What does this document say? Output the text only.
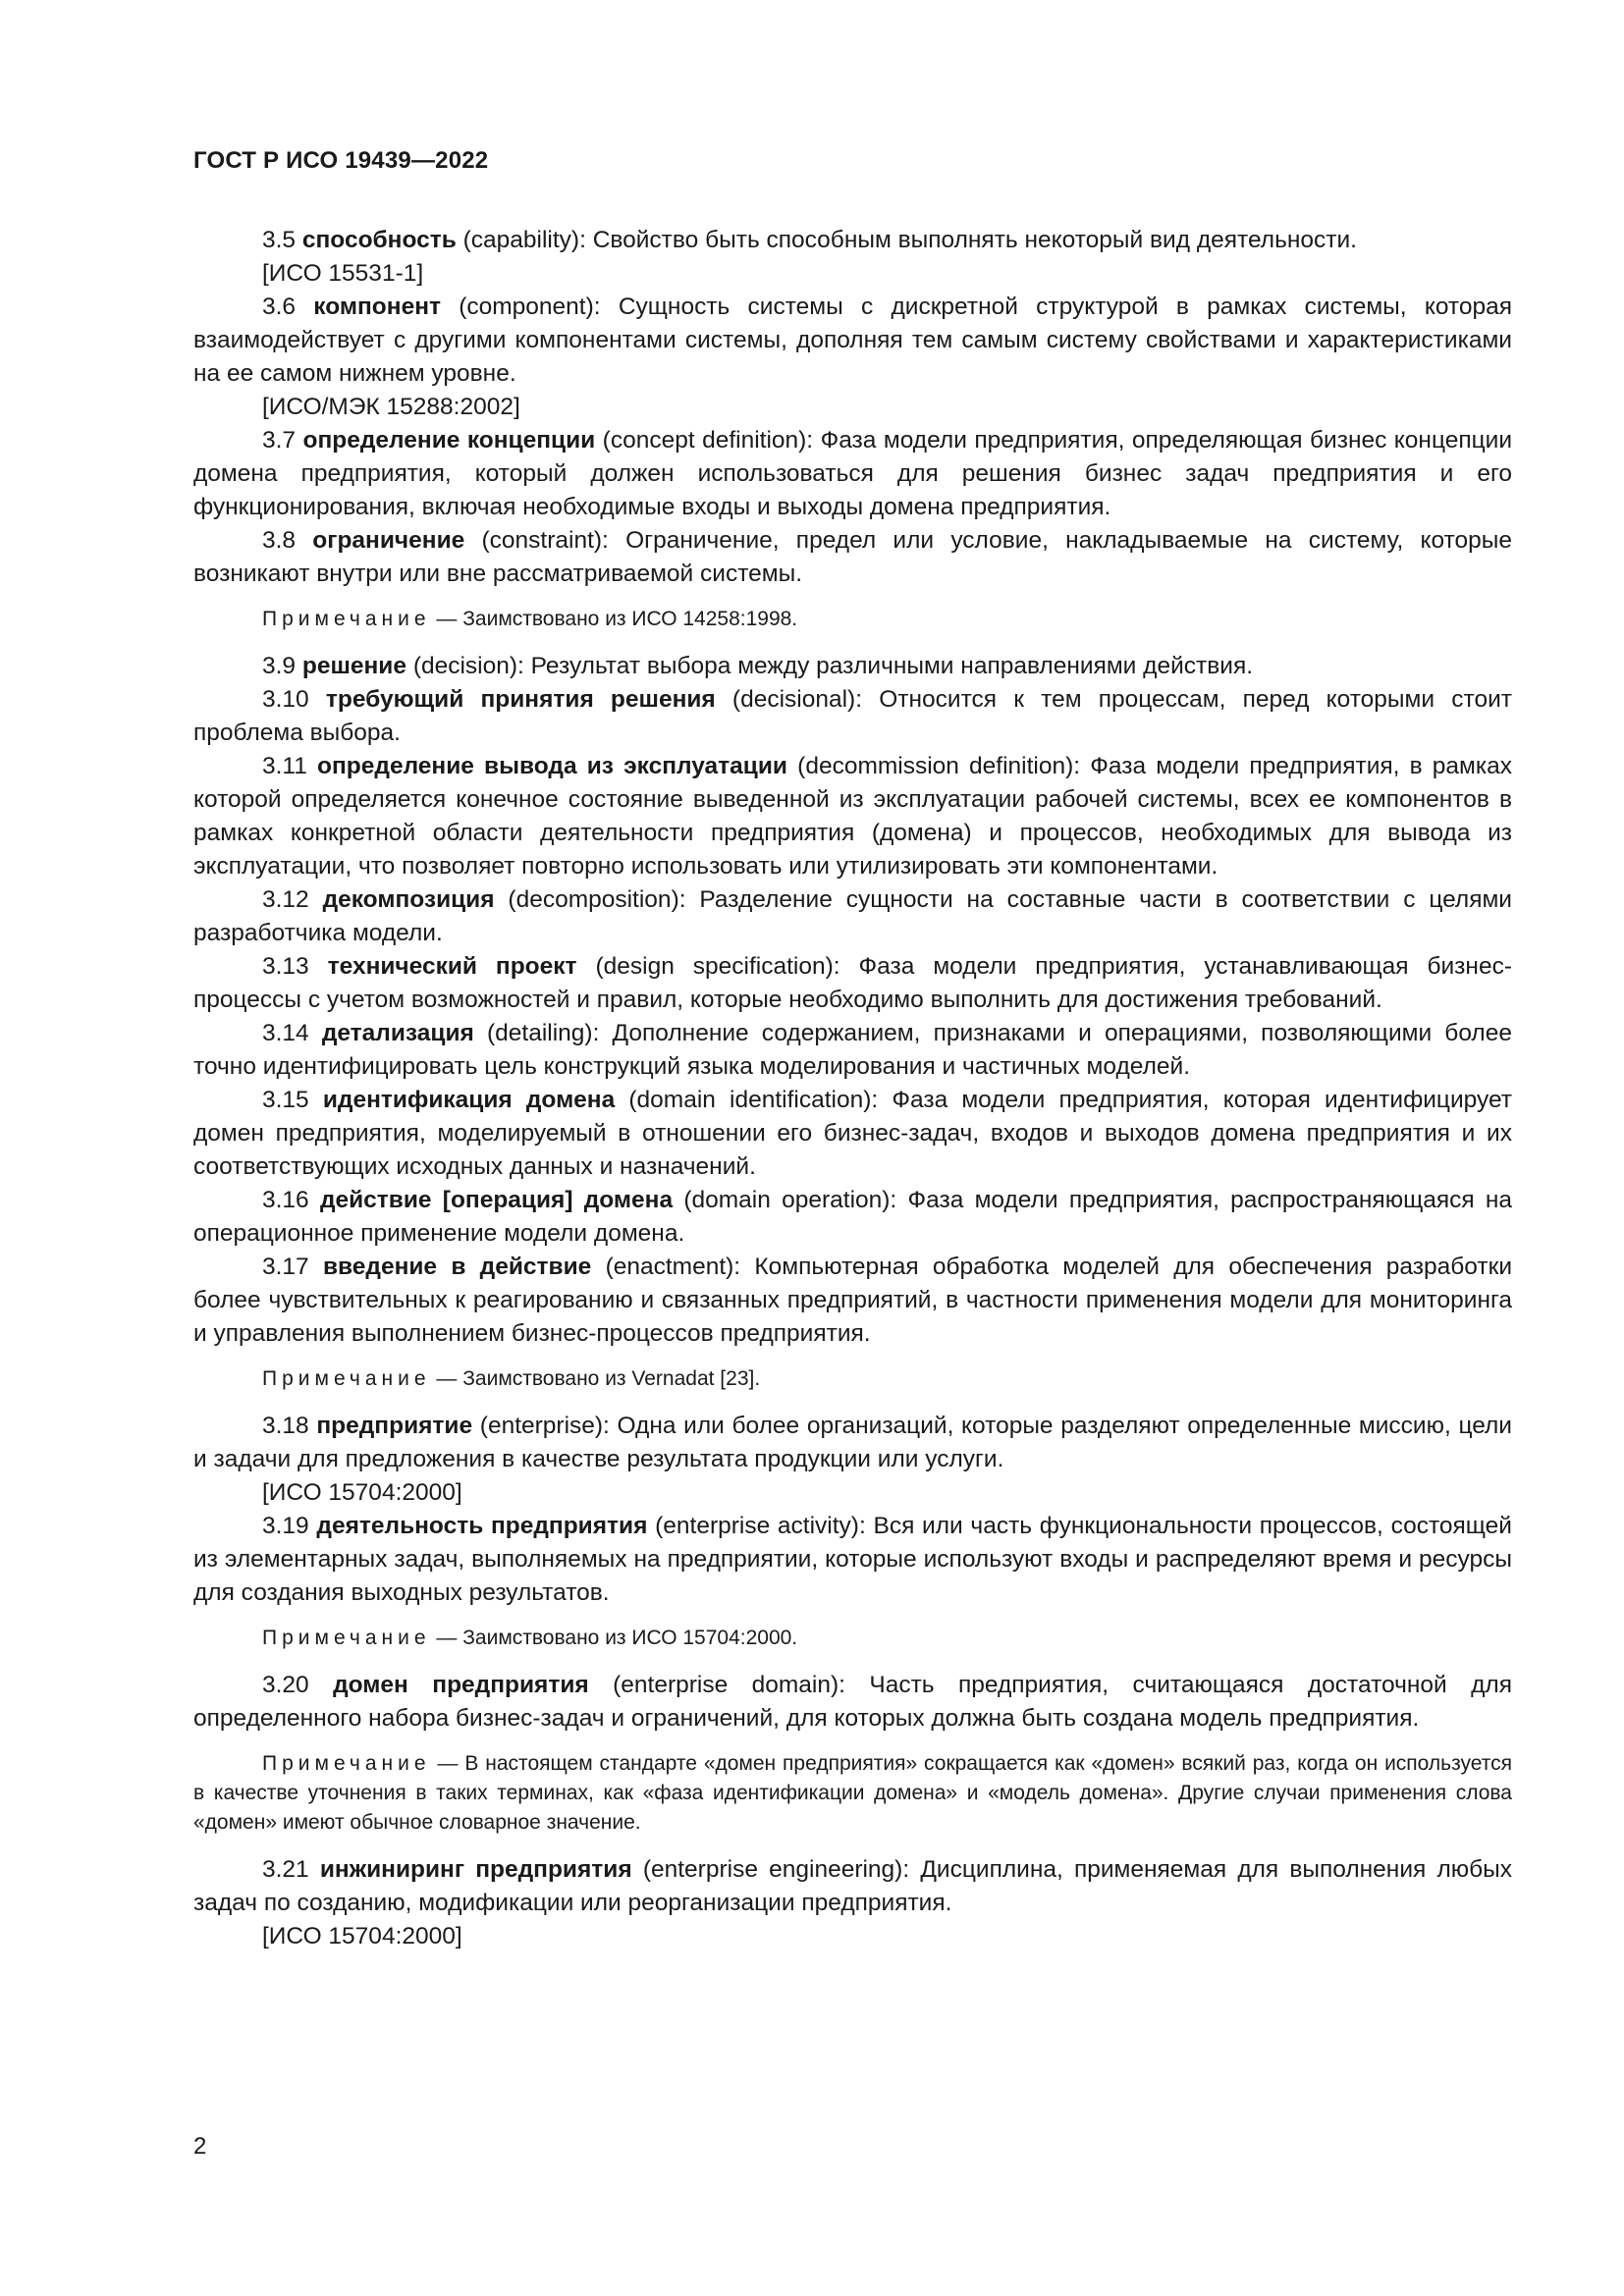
ГОСТ Р ИСО 19439—2022

3.5 способность (capability): Свойство быть способным выполнять некоторый вид деятельности.

[ИСО 15531-1]

3.6 компонент (component): Сущность системы с дискретной структурой в рамках системы, которая взаимодействует с другими компонентами системы, дополняя тем самым систему свойствами и характеристиками на ее самом нижнем уровне.

[ИСО/МЭК 15288:2002]

3.7 определение концепции (concept definition): Фаза модели предприятия, определяющая бизнес концепции домена предприятия, который должен использоваться для решения бизнес задач предприятия и его функционирования, включая необходимые входы и выходы домена предприятия.

3.8 ограничение (constraint): Ограничение, предел или условие, накладываемые на систему, которые возникают внутри или вне рассматриваемой системы.

Примечание — Заимствовано из ИСО 14258:1998.

3.9 решение (decision): Результат выбора между различными направлениями действия.

3.10 требующий принятия решения (decisional): Относится к тем процессам, перед которыми стоит проблема выбора.

3.11 определение вывода из эксплуатации (decommission definition): Фаза модели предприятия, в рамках которой определяется конечное состояние выведенной из эксплуатации рабочей системы, всех ее компонентов в рамках конкретной области деятельности предприятия (домена) и процессов, необходимых для вывода из эксплуатации, что позволяет повторно использовать или утилизировать эти компонентами.

3.12 декомпозиция (decomposition): Разделение сущности на составные части в соответствии с целями разработчика модели.

3.13 технический проект (design specification): Фаза модели предприятия, устанавливающая бизнес-процессы с учетом возможностей и правил, которые необходимо выполнить для достижения требований.

3.14 детализация (detailing): Дополнение содержанием, признаками и операциями, позволяющими более точно идентифицировать цель конструкций языка моделирования и частичных моделей.

3.15 идентификация домена (domain identification): Фаза модели предприятия, которая идентифицирует домен предприятия, моделируемый в отношении его бизнес-задач, входов и выходов домена предприятия и их соответствующих исходных данных и назначений.

3.16 действие [операция] домена (domain operation): Фаза модели предприятия, распространяющаяся на операционное применение модели домена.

3.17 введение в действие (enactment): Компьютерная обработка моделей для обеспечения разработки более чувствительных к реагированию и связанных предприятий, в частности применения модели для мониторинга и управления выполнением бизнес-процессов предприятия.

Примечание — Заимствовано из Vernadat [23].

3.18 предприятие (enterprise): Одна или более организаций, которые разделяют определенные миссию, цели и задачи для предложения в качестве результата продукции или услуги.

[ИСО 15704:2000]

3.19 деятельность предприятия (enterprise activity): Вся или часть функциональности процессов, состоящей из элементарных задач, выполняемых на предприятии, которые используют входы и распределяют время и ресурсы для создания выходных результатов.

Примечание — Заимствовано из ИСО 15704:2000.

3.20 домен предприятия (enterprise domain): Часть предприятия, считающаяся достаточной для определенного набора бизнес-задач и ограничений, для которых должна быть создана модель предприятия.

Примечание — В настоящем стандарте «домен предприятия» сокращается как «домен» всякий раз, когда он используется в качестве уточнения в таких терминах, как «фаза идентификации домена» и «модель домена». Другие случаи применения слова «домен» имеют обычное словарное значение.

3.21 инжиниринг предприятия (enterprise engineering): Дисциплина, применяемая для выполнения любых задач по созданию, модификации или реорганизации предприятия.

[ИСО 15704:2000]

2
